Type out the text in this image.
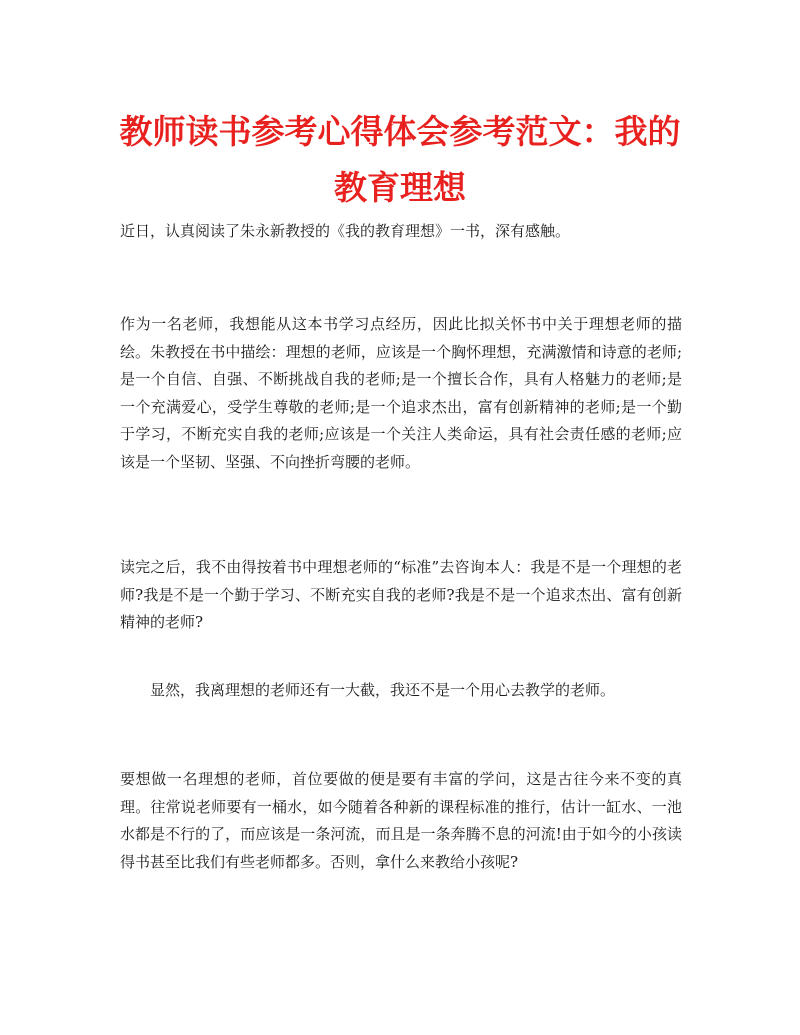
教师读书参考心得体会参考范文：我的教育理想

近日，认真阅读了朱永新教授的《我的教育理想》一书，深有感触。

作为一名老师，我想能从这本书学习点经历，因此比拟关怀书中关于理想老师的描绘。朱教授在书中描绘：理想的老师，应该是一个胸怀理想，充满激情和诗意的老师;是一个自信、自强、不断挑战自我的老师;是一个擅长合作，具有人格魅力的老师;是一个充满爱心，受学生尊敬的老师;是一个追求杰出，富有创新精神的老师;是一个勤于学习，不断充实自我的老师;应该是一个关注人类命运，具有社会责任感的老师;应该是一个坚韧、坚强、不向挫折弯腰的老师。

读完之后，我不由得按着书中理想老师的“标准”去咨询本人：我是不是一个理想的老师?我是不是一个勤于学习、不断充实自我的老师?我是不是一个追求杰出、富有创新精神的老师?

显然，我离理想的老师还有一大截，我还不是一个用心去教学的老师。

要想做一名理想的老师，首位要做的便是要有丰富的学问，这是古往今来不变的真理。往常说老师要有一桶水，如今随着各种新的课程标准的推行，估计一缸水、一池水都是不行的了，而应该是一条河流，而且是一条奔腾不息的河流!由于如今的小孩读得书甚至比我们有些老师都多。否则，拿什么来教给小孩呢?
